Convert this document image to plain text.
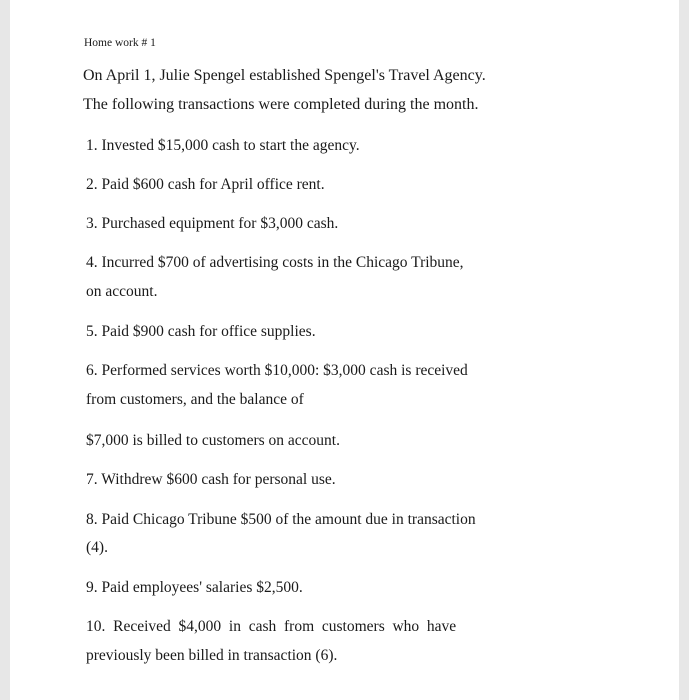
Home work # 1
On April 1, Julie Spengel established Spengel's Travel Agency.
The following transactions were completed during the month.
1. Invested $15,000 cash to start the agency.
2. Paid $600 cash for April office rent.
3. Purchased equipment for $3,000 cash.
4. Incurred $700 of advertising costs in the Chicago Tribune,
on account.
5. Paid $900 cash for office supplies.
6. Performed services worth $10,000: $3,000 cash is received
from customers, and the balance of
$7,000 is billed to customers on account.
7. Withdrew $600 cash for personal use.
8. Paid Chicago Tribune $500 of the amount due in transaction
(4).
9. Paid employees' salaries $2,500.
10.  Received  $4,000  in  cash  from  customers  who  have
previously been billed in transaction (6).
